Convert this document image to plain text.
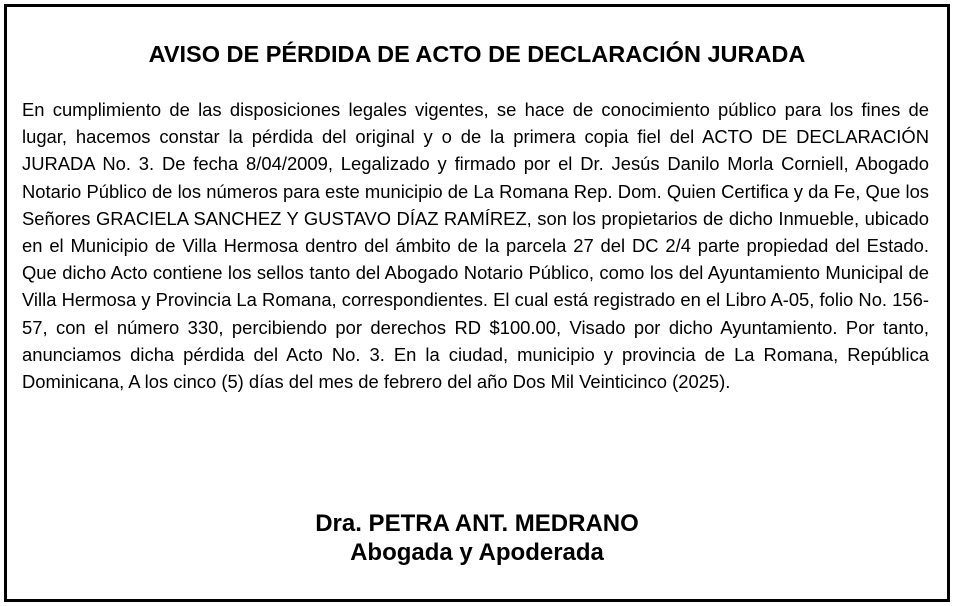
AVISO DE PÉRDIDA DE ACTO DE DECLARACIÓN JURADA
En cumplimiento de las disposiciones legales vigentes, se hace de conocimiento público para los fines de lugar, hacemos constar la pérdida del original y o de la primera copia fiel del ACTO DE DECLARACIÓN JURADA No. 3. De fecha 8/04/2009, Legalizado y firmado por el Dr. Jesús Danilo Morla Corniell, Abogado Notario Público de los números para este municipio de La Romana Rep. Dom. Quien Certifica y da Fe, Que los Señores GRACIELA SANCHEZ Y GUSTAVO DÍAZ RAMÍREZ, son los propietarios de dicho Inmueble, ubicado en el Municipio de Villa Hermosa dentro del ámbito de la parcela 27 del DC 2/4 parte propiedad del Estado. Que dicho Acto contiene los sellos tanto del Abogado Notario Público, como los del Ayuntamiento Municipal de Villa Hermosa y Provincia La Romana, correspondientes. El cual está registrado en el Libro A-05, folio No. 156-57, con el número 330, percibiendo por derechos RD $100.00, Visado por dicho Ayuntamiento. Por tanto, anunciamos dicha pérdida del Acto No. 3. En la ciudad, municipio y provincia de La Romana, República Dominicana, A los cinco (5) días del mes de febrero del año Dos Mil Veinticinco (2025).
Dra. PETRA ANT. MEDRANO
Abogada y Apoderada
